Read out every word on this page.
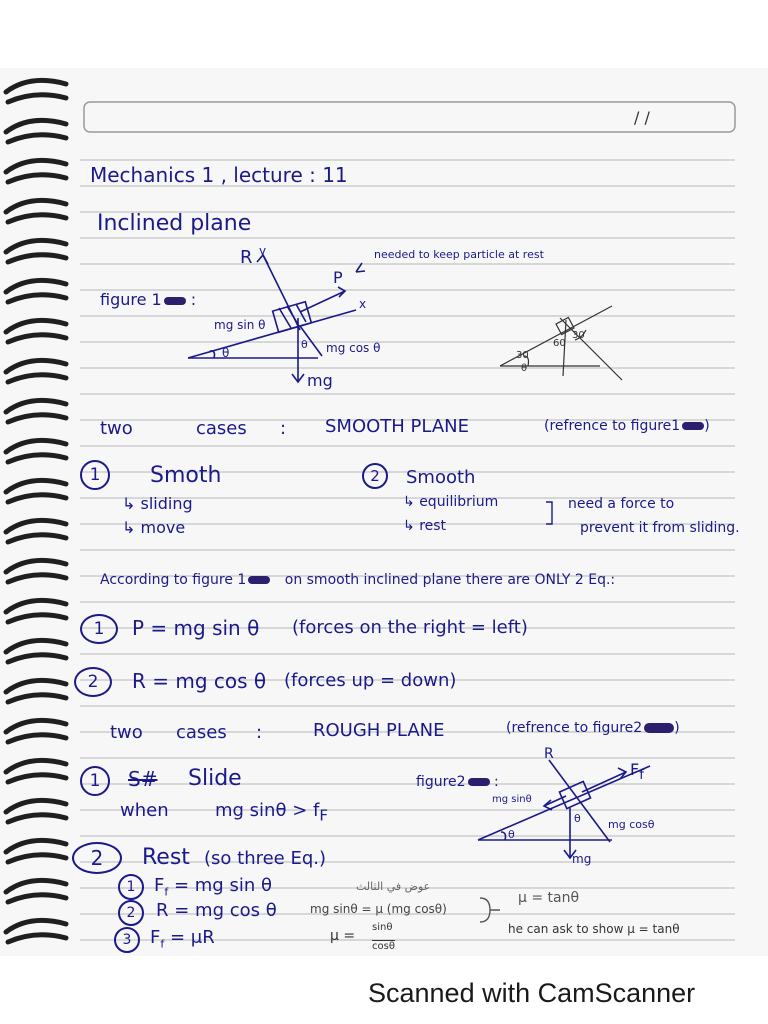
/ /
Mechanics 1 , lecture : 11
Inclined plane
figure 1 :
needed to keep particle at rest
R y
P
x
mg sin θ
mg cos θ
θ
θ
mg
60
30
30
θ
two	cases : SMOOTH PLANE	(refrence to figure1 )
1	Smoth
↳ sliding
↳ move
2	Smooth
↳ equilibrium
↳ rest
need a force to
prevent it from sliding.
According to figure 1	on smooth inclined plane there are ONLY 2 Eq.:
1	P = mg sin θ (forces on the right = left)
2	R = mg cos θ (forces up = down)
two cases :	ROUGH PLANE	(refrence to figure2 )
1	S# Slide
when	mg $\sin\theta > f_F$
figure2 :
R
$F_f$
mg sinθ
mg cosθ
θ
θ
mg
2	Rest (so three Eq.)
1	$F_f$ = mg sin θ
2	R = mg cos θ
3	$F_f = \mu R$
عوض في الثالث
mg sinθ = μ (mg cosθ)
μ =
sinθ
cosθ
μ = tanθ
he can ask to show μ = tanθ
Scanned with CamScanner
